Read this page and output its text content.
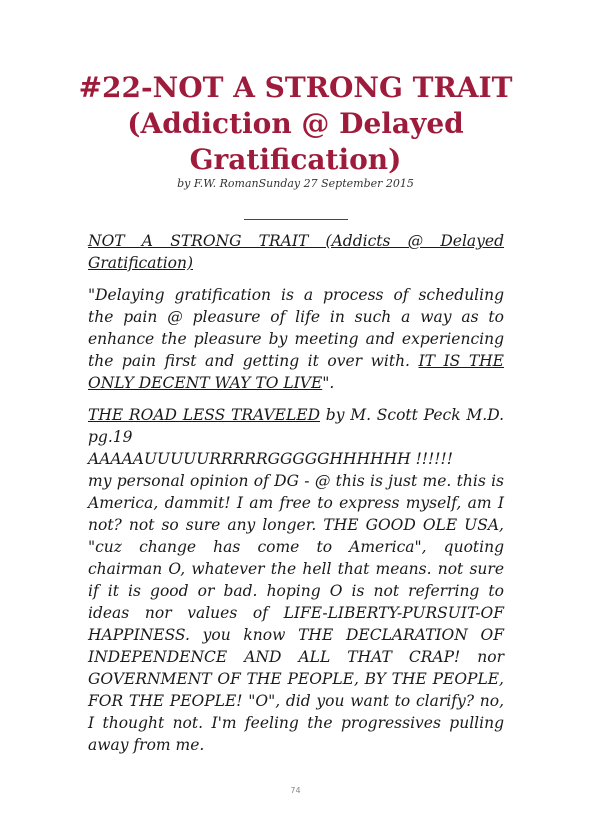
#22-NOT A STRONG TRAIT
(Addiction @ Delayed
Gratification)
by F.W. RomanSunday 27 September 2015

NOT A STRONG TRAIT (Addicts @ Delayed Gratification)

"Delaying gratification is a process of scheduling the pain @ pleasure of life in such a way as to enhance the pleasure by meeting and experiencing the pain first and getting it over with. IT IS THE ONLY DECENT WAY TO LIVE".

THE ROAD LESS TRAVELED by M. Scott Peck M.D. pg.19

AAAAAUUUUURRRRRGGGGGHHHHHH !!!!!!

my personal opinion of DG - @ this is just me. this is America, dammit! I am free to express myself, am I not? not so sure any longer. THE GOOD OLE USA, "cuz change has come to America", quoting chairman O, whatever the hell that means. not sure if it is good or bad. hoping O is not referring to ideas nor values of LIFE-LIBERTY-PURSUIT-OF HAPPINESS. you know THE DECLARATION OF INDEPENDENCE AND ALL THAT CRAP! nor GOVERNMENT OF THE PEOPLE, BY THE PEOPLE, FOR THE PEOPLE! "O", did you want to clarify? no, I thought not. I'm feeling the progressives pulling away from me.

74
